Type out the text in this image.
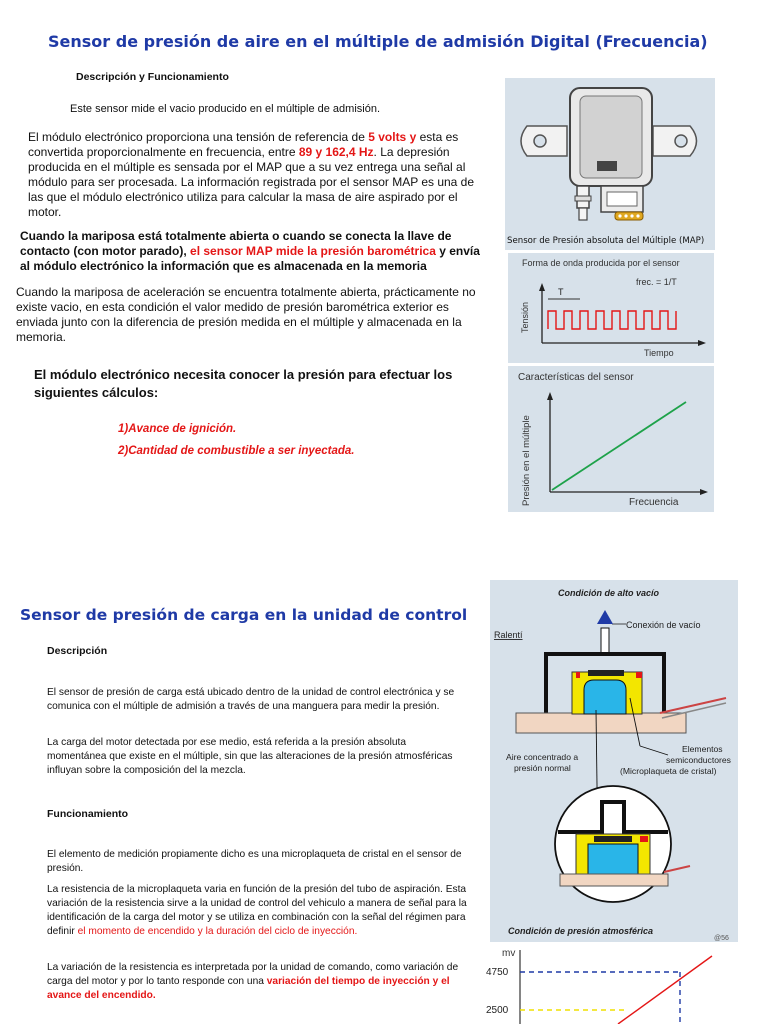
Sensor de presión de aire en el múltiple de admisión Digital (Frecuencia)
Descripción y Funcionamiento
Este sensor mide el vacio producido en el múltiple de admisión.
El módulo electrónico proporciona una tensión de referencia de 5 volts y esta es convertida proporcionalmente en frecuencia, entre 89 y 162,4 Hz. La depresión producida en el múltiple es sensada por el MAP que a su vez entrega una señal al módulo para ser procesada. La información registrada por el sensor MAP es una de las que el módulo electrónico utiliza para calcular la masa de aire aspirado por el motor.
Cuando la mariposa está totalmente abierta o cuando se conecta la llave de contacto (con motor parado), el sensor MAP mide la presión barométrica y envía al módulo electrónico la información que es almacenada en la memoria
Cuando la mariposa de aceleración se encuentra totalmente abierta, prácticamente no existe vacio, en esta condición el valor medido de presión barométrica exterior es enviada junto con la diferencia de presión medida en el múltiple y almacenada en la memoria.
El módulo electrónico necesita conocer la presión para efectuar los siguientes cálculos:
1)Avance de ignición.
2)Cantidad de combustible a ser inyectada.
Sensor de Presión absoluta del Múltiple (MAP)
Forma de onda producida por el sensor
frec. = 1/T
T
Tensión
Tiempo
Características del sensor
Presión en el múltiple	Frecuencia
Sensor de presión de carga en la unidad de control
Descripción
El sensor de presión de carga está ubicado dentro de la unidad de control electrónica y se comunica con el múltiple de admisión a través de una manguera para medir la presión.
La carga del motor detectada por ese medio, está referida a la presión absoluta momentánea que existe en el múltiple, sin que las alteraciones de la presión atmosféricas influyan sobre la composición del la mezcla.
Funcionamiento
El elemento de medición propiamente dicho es una microplaqueta de cristal en el sensor de presión.
La resistencia de la microplaqueta varia en función de la presión del tubo de aspiración. Esta variación de la resistencia sirve a la unidad de control del vehiculo a manera de señal para la identificación de la carga del motor y se utiliza en combinación con la señal del régimen para definir el momento de encendido y la duración del ciclo de inyección.
La variación de la resistencia es interpretada por la unidad de comando, como variación de carga del motor y por lo tanto responde con una variación del tiempo de inyección y el avance del encendido.
Condición de alto vacío
Ralentí
Conexión de vacío
Aire concentrado a
presión normal
Elementos
semiconductores
(Microplaqueta de cristal)
Condición de presión atmosférica
@56
mv
4750
2500
